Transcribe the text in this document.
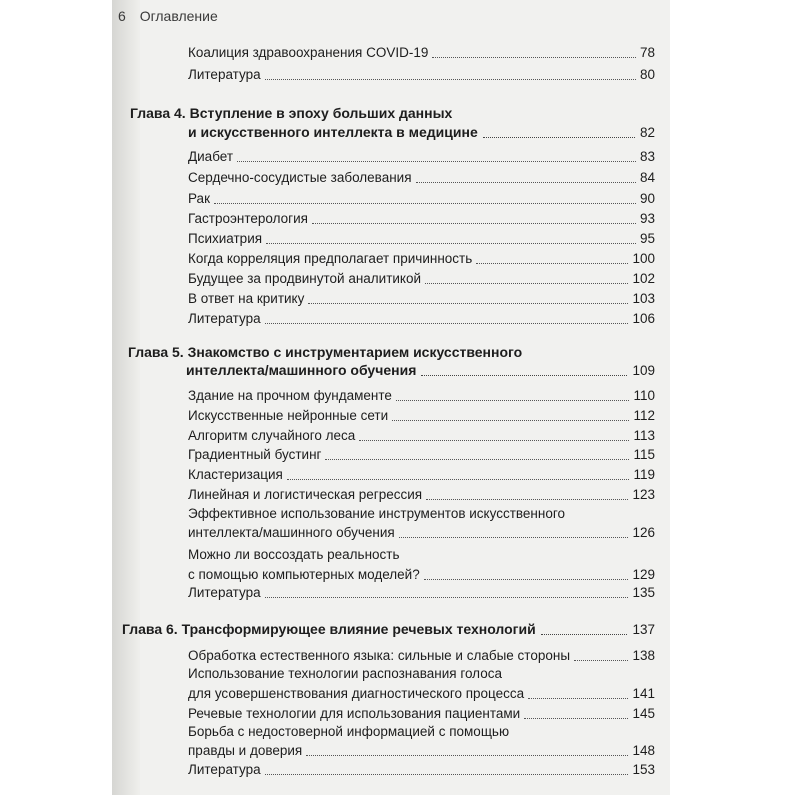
6 Оглавление
Коалиция здравоохранения COVID-19	78
Литература	80
Глава 4. Вступление в эпоху больших данных
и искусственного интеллекта в медицине	82
Диабет	83
Сердечно-сосудистые заболевания	84
Рак	90
Гастроэнтерология	93
Психиатрия	95
Когда корреляция предполагает причинность	100
Будущее за продвинутой аналитикой	102
В ответ на критику	103
Литература	106
Глава 5. Знакомство с инструментарием искусственного
интеллекта/машинного обучения	109
Здание на прочном фундаменте	110
Искусственные нейронные сети	112
Алгоритм случайного леса	113
Градиентный бустинг	115
Кластеризация	119
Линейная и логистическая регрессия	123
Эффективное использование инструментов искусственного
интеллекта/машинного обучения	126
Можно ли воссоздать реальность
с помощью компьютерных моделей?	129
Литература	135
Глава 6. Трансформирующее влияние речевых технологий	137
Обработка естественного языка: сильные и слабые стороны	138
Использование технологии распознавания голоса
для усовершенствования диагностического процесса	141
Речевые технологии для использования пациентами	145
Борьба с недостоверной информацией с помощью
правды и доверия	148
Литература	153
